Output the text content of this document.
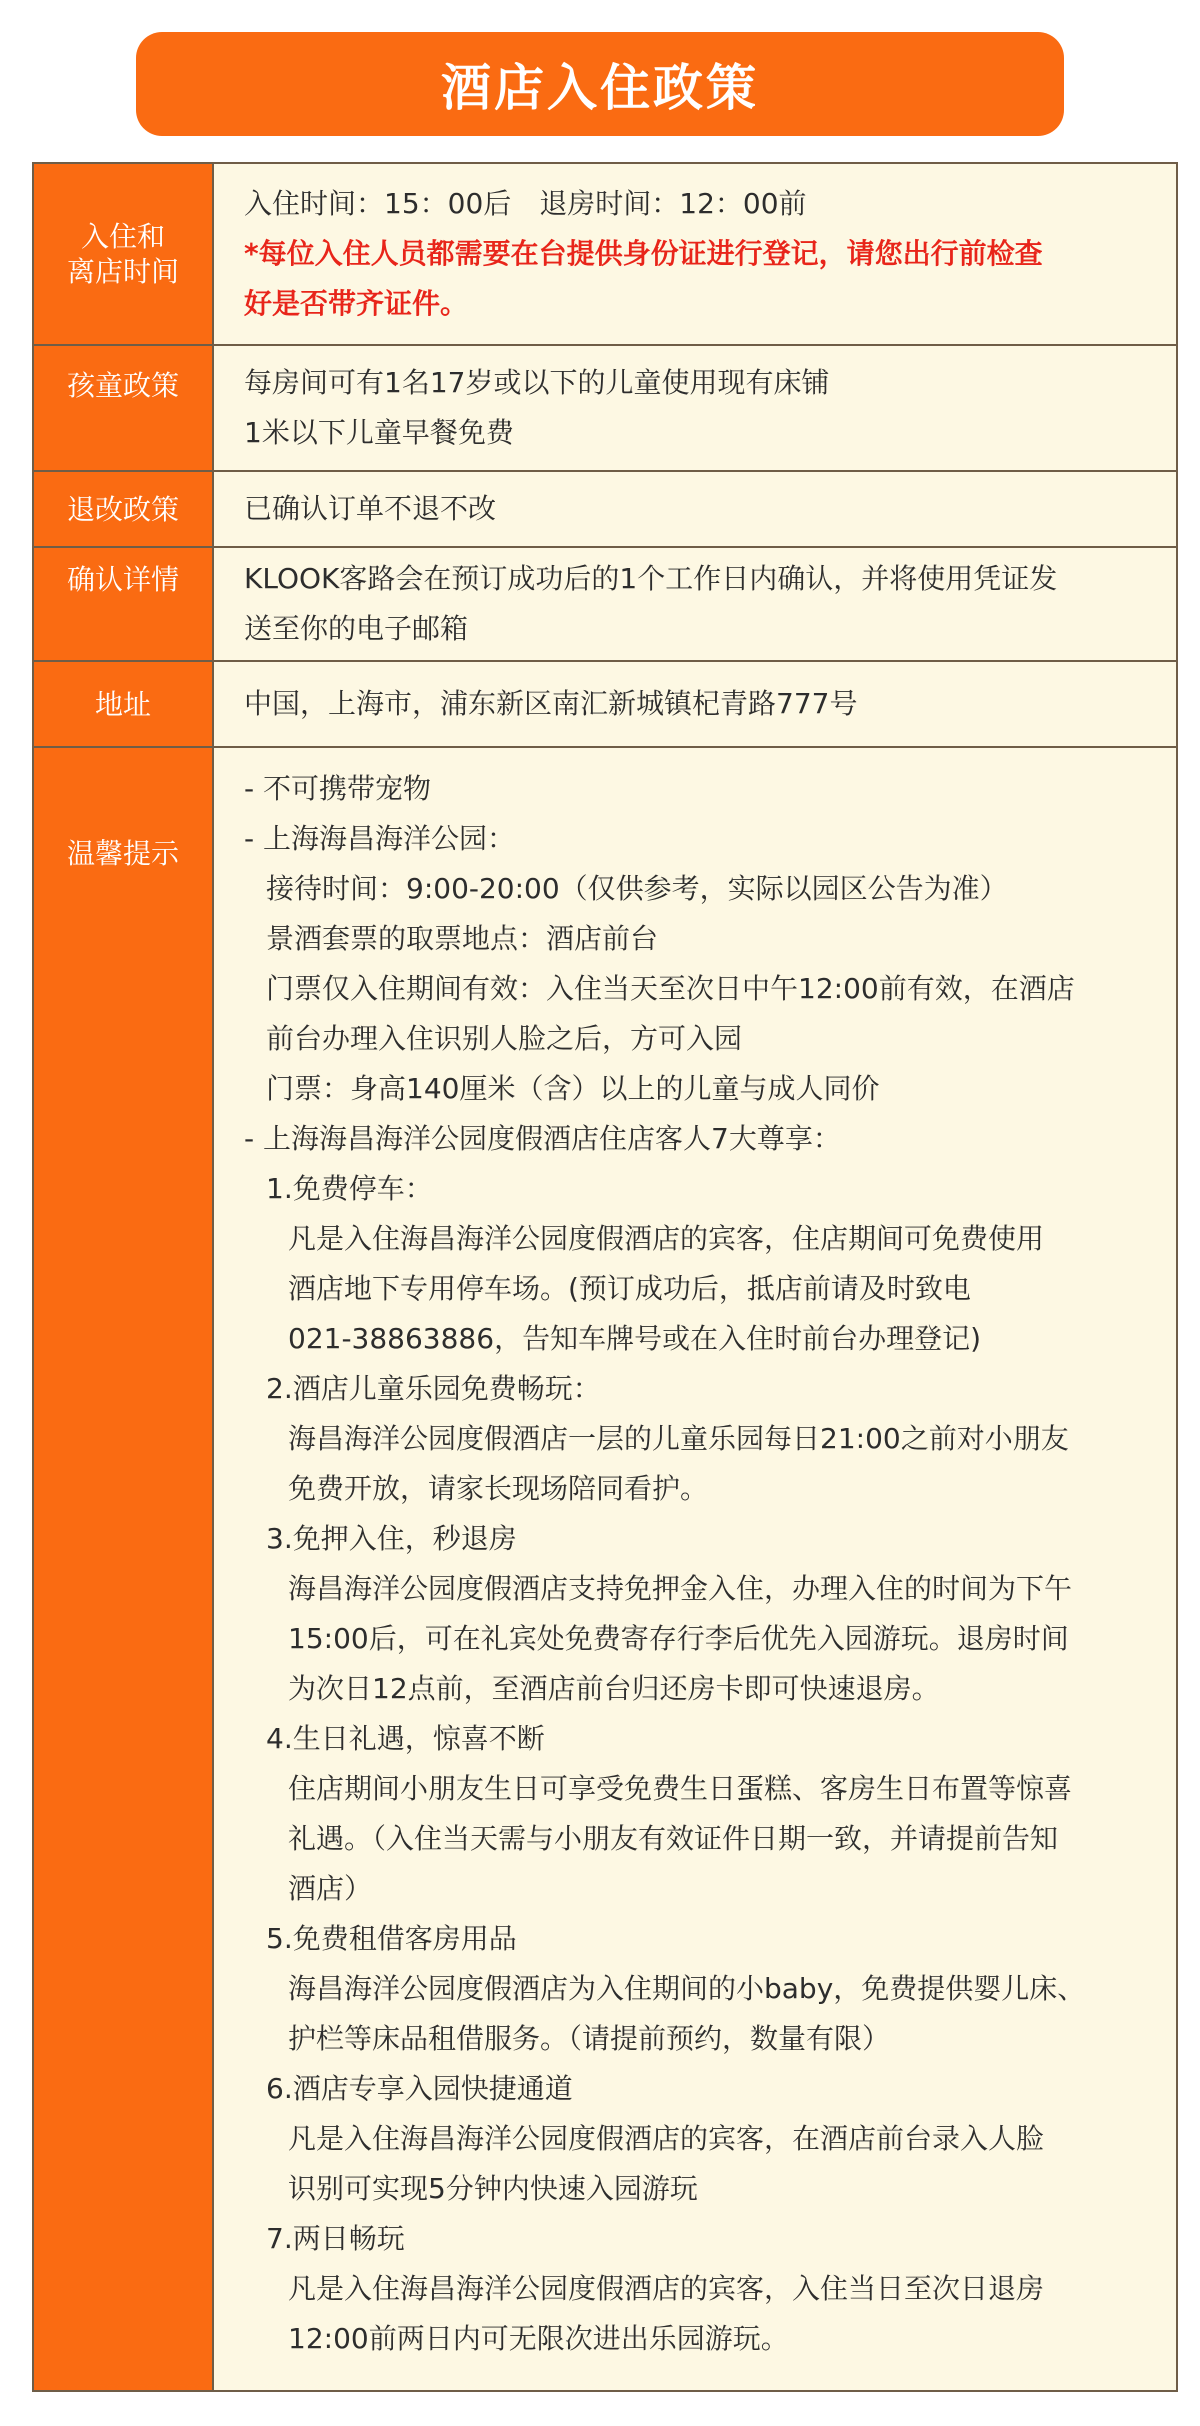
酒店入住政策
入住和
离店时间
入住时间：15：00后　退房时间：12：00前
*每位入住人员都需要在台提供身份证进行登记，请您出行前检查
好是否带齐证件。
孩童政策 每房间可有1名17岁或以下的儿童使用现有床铺
1米以下儿童早餐免费
退改政策 已确认订单不退不改
确认详情 KLOOK客路会在预订成功后的1个工作日内确认，并将使用凭证发
送至你的电子邮箱
地址	中国，上海市，浦东新区南汇新城镇杞青路777号
温馨提示
- 不可携带宠物
- 上海海昌海洋公园：
接待时间：9:00-20:00（仅供参考，实际以园区公告为准）
景酒套票的取票地点：酒店前台
门票仅入住期间有效：入住当天至次日中午12:00前有效，在酒店
前台办理入住识别人脸之后，方可入园
门票：身高140厘米（含）以上的儿童与成人同价
- 上海海昌海洋公园度假酒店住店客人7大尊享：
1.免费停车：
凡是入住海昌海洋公园度假酒店的宾客，住店期间可免费使用
酒店地下专用停车场。(预订成功后，抵店前请及时致电
021-38863886，告知车牌号或在入住时前台办理登记)
2.酒店儿童乐园免费畅玩：
海昌海洋公园度假酒店一层的儿童乐园每日21:00之前对小朋友
免费开放，请家长现场陪同看护。
3.免押入住，秒退房
海昌海洋公园度假酒店支持免押金入住，办理入住的时间为下午
15:00后，可在礼宾处免费寄存行李后优先入园游玩。退房时间
为次日12点前，至酒店前台归还房卡即可快速退房。
4.生日礼遇，惊喜不断
住店期间小朋友生日可享受免费生日蛋糕、客房生日布置等惊喜
礼遇。（入住当天需与小朋友有效证件日期一致，并请提前告知
酒店）
5.免费租借客房用品
海昌海洋公园度假酒店为入住期间的小baby，免费提供婴儿床、
护栏等床品租借服务。（请提前预约，数量有限）
6.酒店专享入园快捷通道
凡是入住海昌海洋公园度假酒店的宾客，在酒店前台录入人脸
识别可实现5分钟内快速入园游玩
7.两日畅玩
凡是入住海昌海洋公园度假酒店的宾客，入住当日至次日退房
12:00前两日内可无限次进出乐园游玩。
